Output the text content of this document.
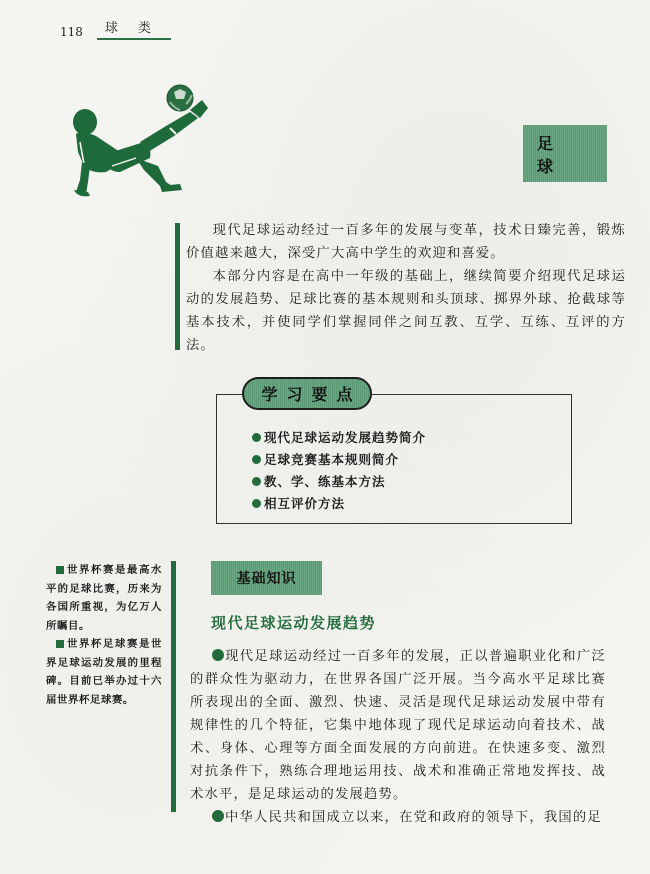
118	球类
足 球

现代足球运动经过一百多年的发展与变革，技术日臻完善，锻炼价值越来越大，深受广大高中学生的欢迎和喜爱。

本部分内容是在高中一年级的基础上，继续简要介绍现代足球运动的发展趋势、足球比赛的基本规则和头顶球、掷界外球、抢截球等基本技术，并使同学们掌握同伴之间互教、互学、互练、互评的方法。

学习要点
现代足球运动发展趋势简介
足球竞赛基本规则简介
教、学、练基本方法
相互评价方法

世界杯赛是最高水平的足球比赛，历来为各国所重视，为亿万人所瞩目。

世界杯足球赛是世界足球运动发展的里程碑。目前已举办过十六届世界杯足球赛。

基础知识
现代足球运动发展趋势

现代足球运动经过一百多年的发展，正以普遍职业化和广泛的群众性为驱动力，在世界各国广泛开展。当今高水平足球比赛所表现出的全面、激烈、快速、灵活是现代足球运动发展中带有规律性的几个特征，它集中地体现了现代足球运动向着技术、战术、身体、心理等方面全面发展的方向前进。在快速多变、激烈对抗条件下，熟练合理地运用技、战术和准确正常地发挥技、战术水平，是足球运动的发展趋势。

中华人民共和国成立以来，在党和政府的领导下，我国的足
